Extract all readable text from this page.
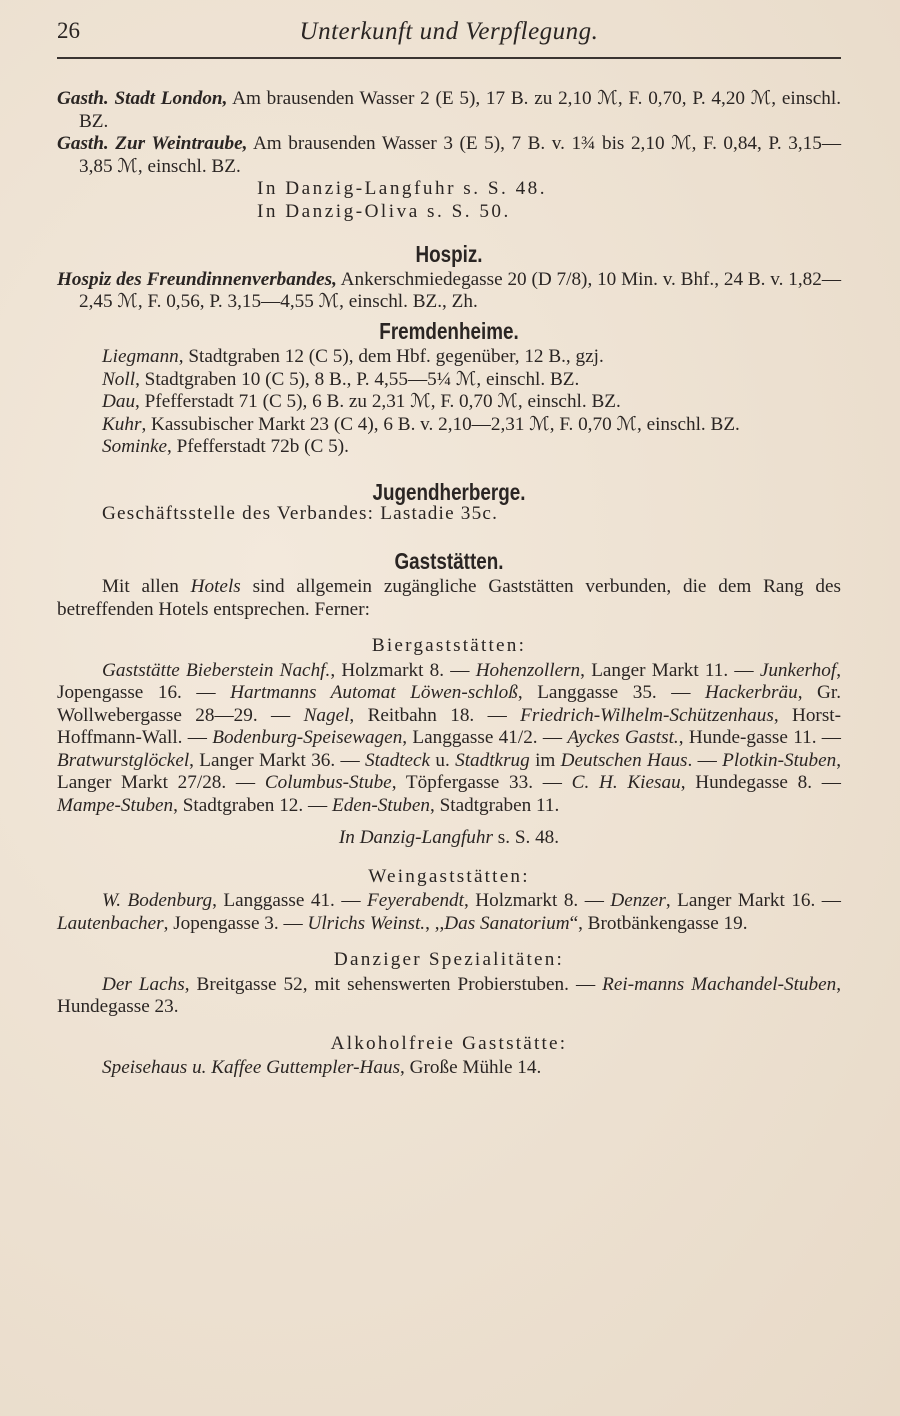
26	Unterkunft und Verpflegung.

Gasth. Stadt London, Am brausenden Wasser 2 (E 5), 17 B. zu 2,10 ℳ, F. 0,70, P. 4,20 ℳ, einschl. BZ.

Gasth. Zur Weintraube, Am brausenden Wasser 3 (E 5), 7 B. v. 1¾ bis 2,10 ℳ, F. 0,84, P. 3,15—3,85 ℳ, einschl. BZ.

In Danzig-Langfuhr s. S. 48.

In Danzig-Oliva s. S. 50.

Hospiz.

Hospiz des Freundinnenverbandes, Ankerschmiedegasse 20 (D 7/8), 10 Min. v. Bhf., 24 B. v. 1,82—2,45 ℳ, F. 0,56, P. 3,15—4,55 ℳ, einschl. BZ., Zh.

Fremdenheime.

Liegmann, Stadtgraben 12 (C 5), dem Hbf. gegenüber, 12 B., gzj.

Noll, Stadtgraben 10 (C 5), 8 B., P. 4,55—5¼ ℳ, einschl. BZ.

Dau, Pfefferstadt 71 (C 5), 6 B. zu 2,31 ℳ, F. 0,70 ℳ, einschl. BZ.

Kuhr, Kassubischer Markt 23 (C 4), 6 B. v. 2,10—2,31 ℳ, F. 0,70 ℳ, einschl. BZ.

Sominke, Pfefferstadt 72b (C 5).

Jugendherberge.

Geschäftsstelle des Verbandes: Lastadie 35c.

Gaststätten.

Mit allen Hotels sind allgemein zugängliche Gaststätten verbunden, die dem Rang des betreffenden Hotels entsprechen. Ferner:

Biergaststätten:

Gaststätte Bieberstein Nachf., Holzmarkt 8. — Hohenzollern, Langer Markt 11. — Junkerhof, Jopengasse 16. — Hartmanns Automat Löwen-schloß, Langgasse 35. — Hackerbräu, Gr. Wollwebergasse 28—29. — Nagel, Reitbahn 18. — Friedrich-Wilhelm-Schützenhaus, Horst-Hoffmann-Wall. — Bodenburg-Speisewagen, Langgasse 41/2. — Ayckes Gastst., Hunde-gasse 11. — Bratwurstglöckel, Langer Markt 36. — Stadteck u. Stadtkrug im Deutschen Haus. — Plotkin-Stuben, Langer Markt 27/28. — Columbus-Stube, Töpfergasse 33. — C. H. Kiesau, Hundegasse 8. — Mampe-Stuben, Stadtgraben 12. — Eden-Stuben, Stadtgraben 11.

In Danzig-Langfuhr s. S. 48.

Weingaststätten:

W. Bodenburg, Langgasse 41. — Feyerabendt, Holzmarkt 8. — Denzer, Langer Markt 16. — Lautenbacher, Jopengasse 3. — Ulrichs Weinst., ,,Das Sanatorium“, Brotbänkengasse 19.

Danziger Spezialitäten:

Der Lachs, Breitgasse 52, mit sehenswerten Probierstuben. — Rei-manns Machandel-Stuben, Hundegasse 23.

Alkoholfreie Gaststätte:

Speisehaus u. Kaffee Guttempler-Haus, Große Mühle 14.
